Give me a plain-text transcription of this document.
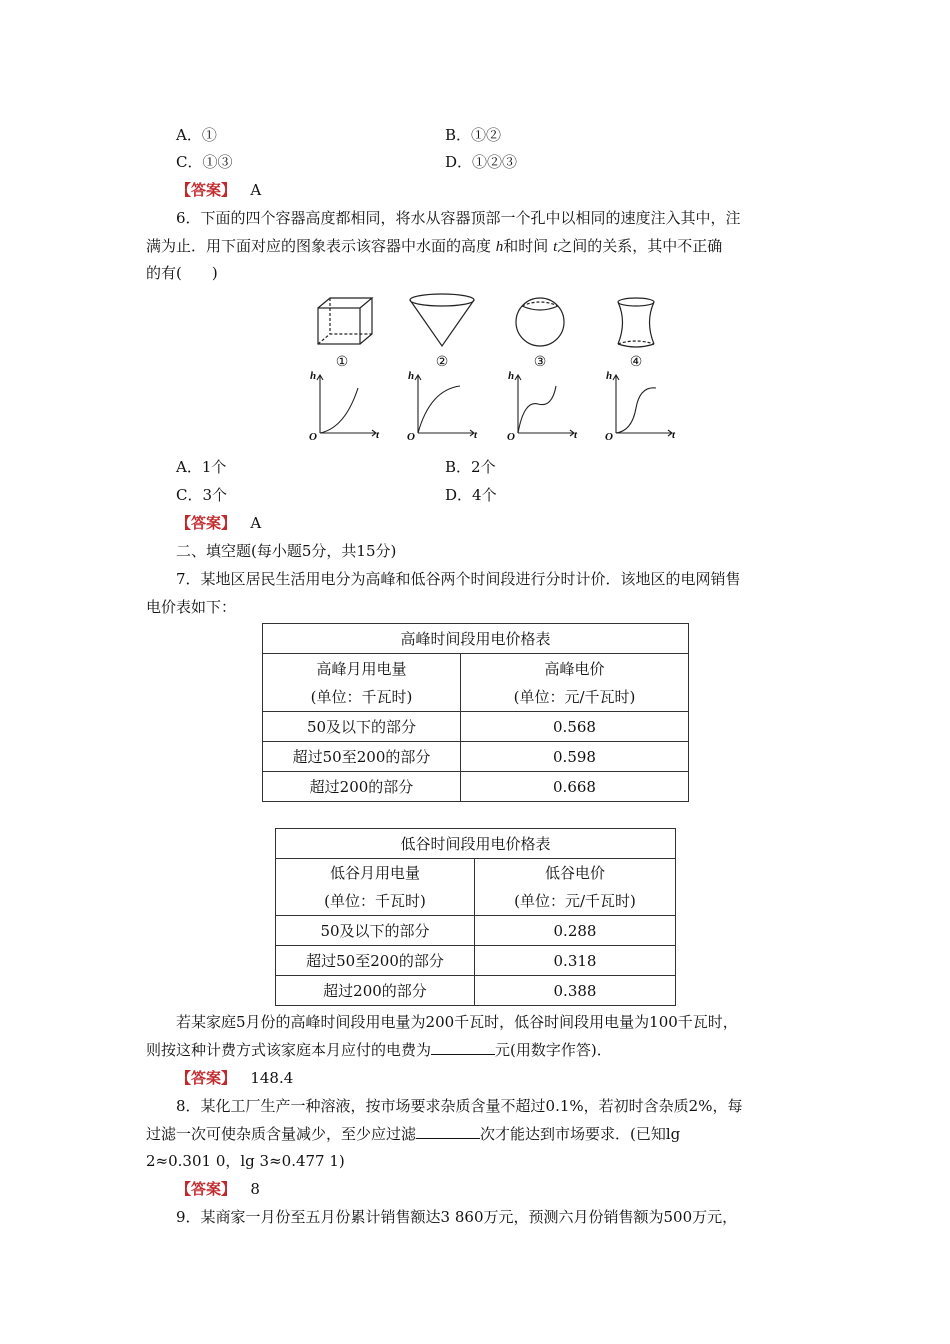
A．①	B．①②
C．①③	D．①②③
【答案】 A
6．下面的四个容器高度都相同，将水从容器顶部一个孔中以相同的速度注入其中，注
满为止．用下面对应的图象表示该容器中水面的高度 h和时间 t之间的关系，其中不正确
的有(　　)
①	②	③	④
h
t
O
h
t
O
h
t
O
h
t
O
A．1个	B．2个
C．3个	D．4个
【答案】 A
二、填空题(每小题5分，共15分)
7．某地区居民生活用电分为高峰和低谷两个时间段进行分时计价．该地区的电网销售
电价表如下：
高峰时间段用电价格表	
高峰月用电量	高峰电价
(单位：千瓦时)	(单位：元/千瓦时)
50及以下的部分	0.568
超过50至200的部分	0.598
超过200的部分	0.668
低谷时间段用电价格表	
低谷月用电量	低谷电价
(单位：千瓦时)	(单位：元/千瓦时)
50及以下的部分	0.288
超过50至200的部分	0.318
超过200的部分	0.388
若某家庭5月份的高峰时间段用电量为200千瓦时，低谷时间段用电量为100千瓦时，
则按这种计费方式该家庭本月应付的电费为	元(用数字作答)．
【答案】 148.4
8．某化工厂生产一种溶液，按市场要求杂质含量不超过0.1%，若初时含杂质2%，每
过滤一次可使杂质含量减少，至少应过滤	次才能达到市场要求．(已知lg
2≈0.301 0，lg 3≈0.477 1)
【答案】 8
9．某商家一月份至五月份累计销售额达3 860万元，预测六月份销售额为500万元，
